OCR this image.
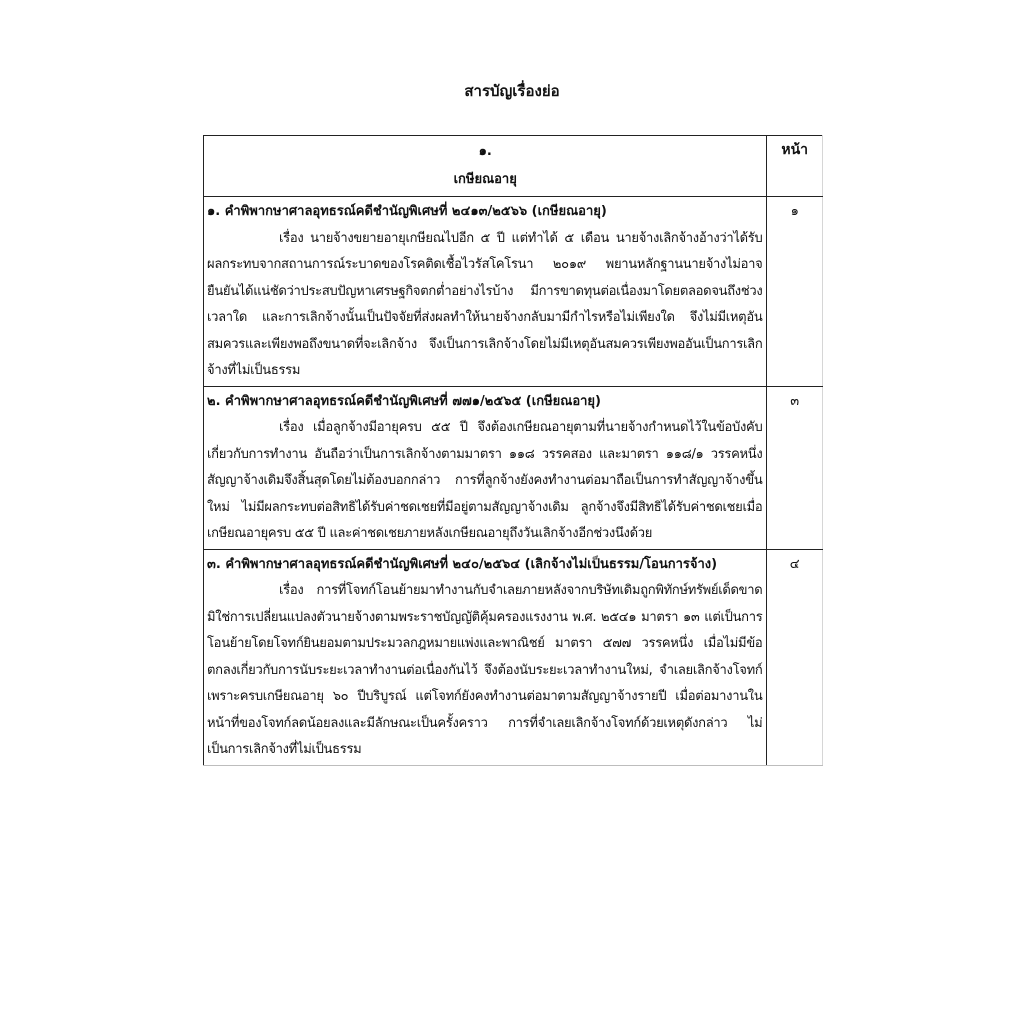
สารบัญเรื่องย่อ
๑.
เกษียณอายุ	หน้า

๑. คำพิพากษาศาลอุทธรณ์คดีชำนัญพิเศษที่ ๒๔๑๓/๒๕๖๖ (เกษียณอายุ)
เรื่อง นายจ้างขยายอายุเกษียณไปอีก ๕ ปี แต่ทำได้ ๕ เดือน นายจ้างเลิกจ้างอ้างว่าได้รับผลกระทบจากสถานการณ์ระบาดของโรคติดเชื้อไวรัสโคโรนา ๒๐๑๙ พยานหลักฐานนายจ้างไม่อาจยืนยันได้แน่ชัดว่าประสบปัญหาเศรษฐกิจตกต่ำอย่างไรบ้าง มีการขาดทุนต่อเนื่องมาโดยตลอดจนถึงช่วงเวลาใด และการเลิกจ้างนั้นเป็นปัจจัยที่ส่งผลทำให้นายจ้างกลับมามีกำไรหรือไม่เพียงใด จึงไม่มีเหตุอันสมควรและเพียงพอถึงขนาดที่จะเลิกจ้าง จึงเป็นการเลิกจ้างโดยไม่มีเหตุอันสมควรเพียงพออันเป็นการเลิกจ้างที่ไม่เป็นธรรม	๑

๒. คำพิพากษาศาลอุทธรณ์คดีชำนัญพิเศษที่ ๗๗๑/๒๕๖๕ (เกษียณอายุ)
เรื่อง เมื่อลูกจ้างมีอายุครบ ๕๕ ปี จึงต้องเกษียณอายุตามที่นายจ้างกำหนดไว้ในข้อบังคับเกี่ยวกับการทำงาน อันถือว่าเป็นการเลิกจ้างตามมาตรา ๑๑๘ วรรคสอง และมาตรา ๑๑๘/๑ วรรคหนึ่ง สัญญาจ้างเดิมจึงสิ้นสุดโดยไม่ต้องบอกกล่าว การที่ลูกจ้างยังคงทำงานต่อมาถือเป็นการทำสัญญาจ้างขึ้นใหม่ ไม่มีผลกระทบต่อสิทธิได้รับค่าชดเชยที่มีอยู่ตามสัญญาจ้างเดิม ลูกจ้างจึงมีสิทธิได้รับค่าชดเชยเมื่อเกษียณอายุครบ ๕๕ ปี และค่าชดเชยภายหลังเกษียณอายุถึงวันเลิกจ้างอีกช่วงนึงด้วย	๓

๓. คำพิพากษาศาลอุทธรณ์คดีชำนัญพิเศษที่ ๒๔๐/๒๕๖๔ (เลิกจ้างไม่เป็นธรรม/โอนการจ้าง)
เรื่อง การที่โจทก์โอนย้ายมาทำงานกับจำเลยภายหลังจากบริษัทเดิมถูกพิทักษ์ทรัพย์เด็ดขาด มิใช่การเปลี่ยนแปลงตัวนายจ้างตามพระราชบัญญัติคุ้มครองแรงงาน พ.ศ. ๒๕๔๑ มาตรา ๑๓ แต่เป็นการโอนย้ายโดยโจทก์ยินยอมตามประมวลกฎหมายแพ่งและพาณิชย์ มาตรา ๕๗๗ วรรคหนึ่ง เมื่อไม่มีข้อตกลงเกี่ยวกับการนับระยะเวลาทำงานต่อเนื่องกันไว้ จึงต้องนับระยะเวลาทำงานใหม่, จำเลยเลิกจ้างโจทก์เพราะครบเกษียณอายุ ๖๐ ปีบริบูรณ์ แต่โจทก์ยังคงทำงานต่อมาตามสัญญาจ้างรายปี เมื่อต่อมางานในหน้าที่ของโจทก์ลดน้อยลงและมีลักษณะเป็นครั้งคราว การที่จำเลยเลิกจ้างโจทก์ด้วยเหตุดังกล่าว ไม่เป็นการเลิกจ้างที่ไม่เป็นธรรม	๔
